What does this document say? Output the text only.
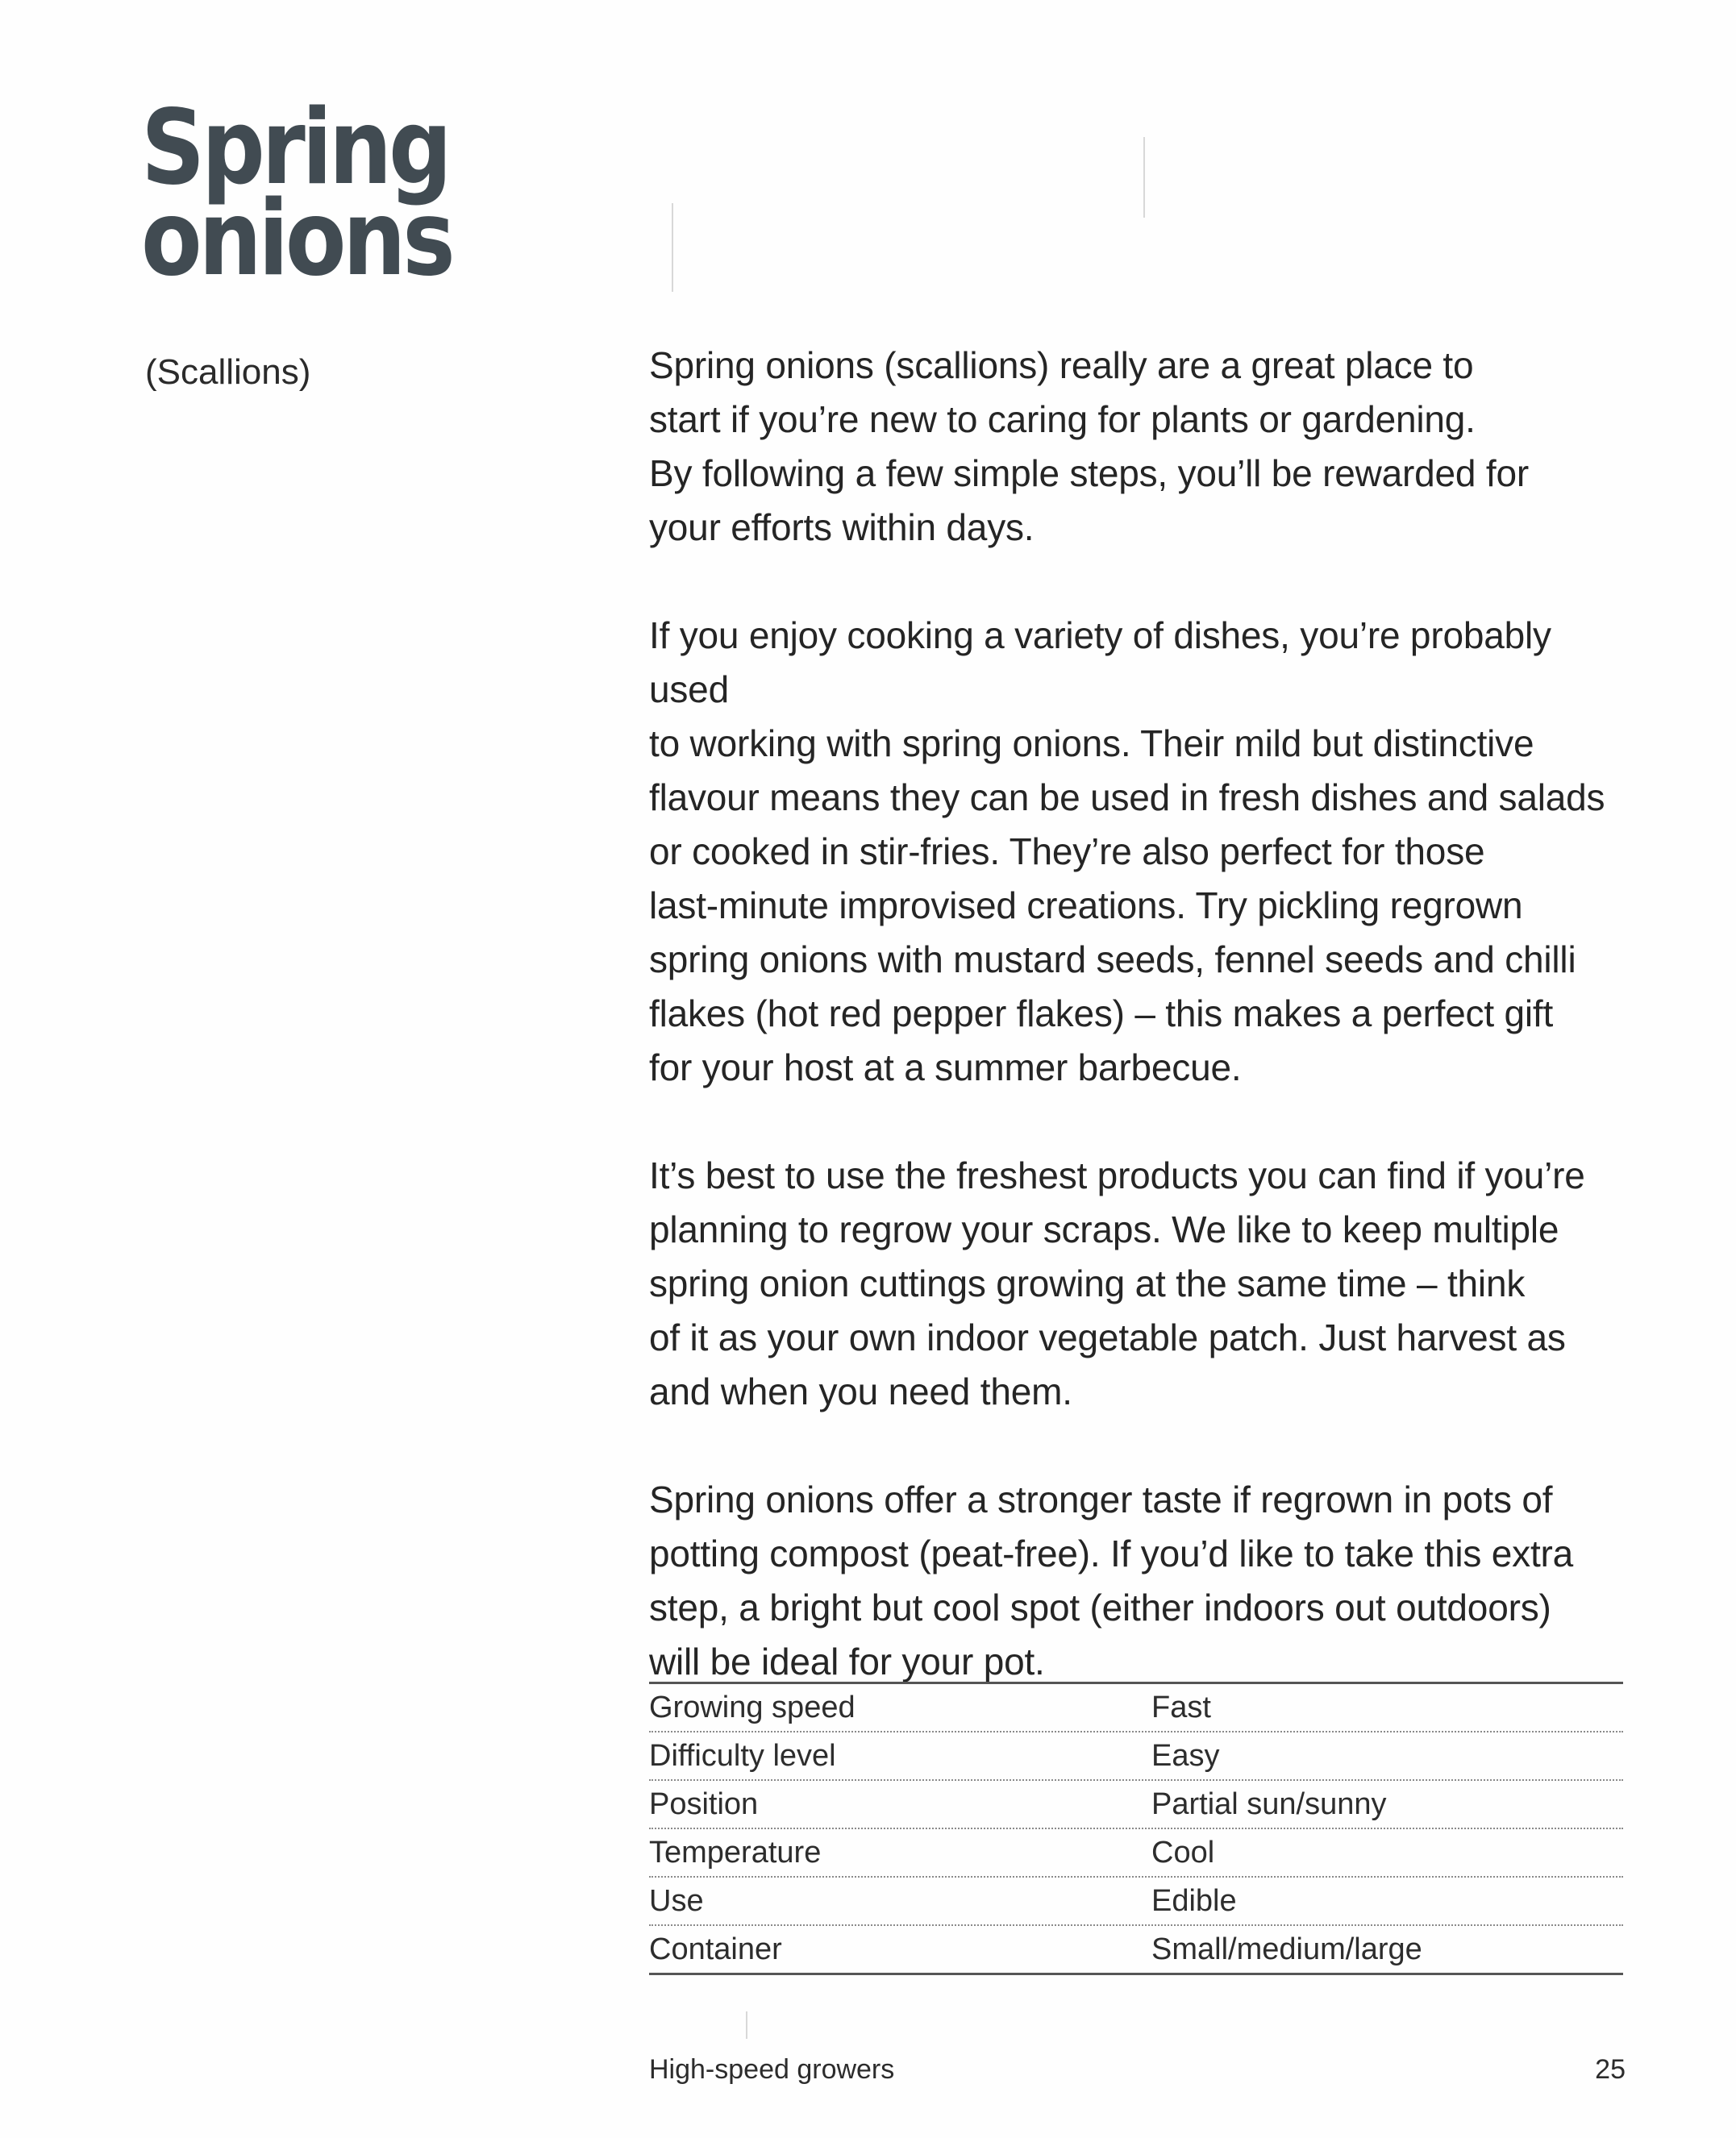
Spring
onions
(Scallions)	Spring onions (scallions) really are a great place to
start if you’re new to caring for plants or gardening.
By following a few simple steps, you’ll be rewarded for
your efforts within days.

If you enjoy cooking a variety of dishes, you’re probably used
to working with spring onions. Their mild but distinctive
flavour means they can be used in fresh dishes and salads
or cooked in stir-fries. They’re also perfect for those
last-minute improvised creations. Try pickling regrown
spring onions with mustard seeds, fennel seeds and chilli
flakes (hot red pepper flakes) – this makes a perfect gift
for your host at a summer barbecue.

It’s best to use the freshest products you can find if you’re
planning to regrow your scraps. We like to keep multiple
spring onion cuttings growing at the same time – think
of it as your own indoor vegetable patch. Just harvest as
and when you need them.

Spring onions offer a stronger taste if regrown in pots of
potting compost (peat-free). If you’d like to take this extra
step, a bright but cool spot (either indoors out outdoors)
will be ideal for your pot.

Growing speed	Fast
Difficulty level	Easy
Position	Partial sun/sunny
Temperature	Cool
Use	Edible
Container	Small/medium/large
High-speed growers	25
